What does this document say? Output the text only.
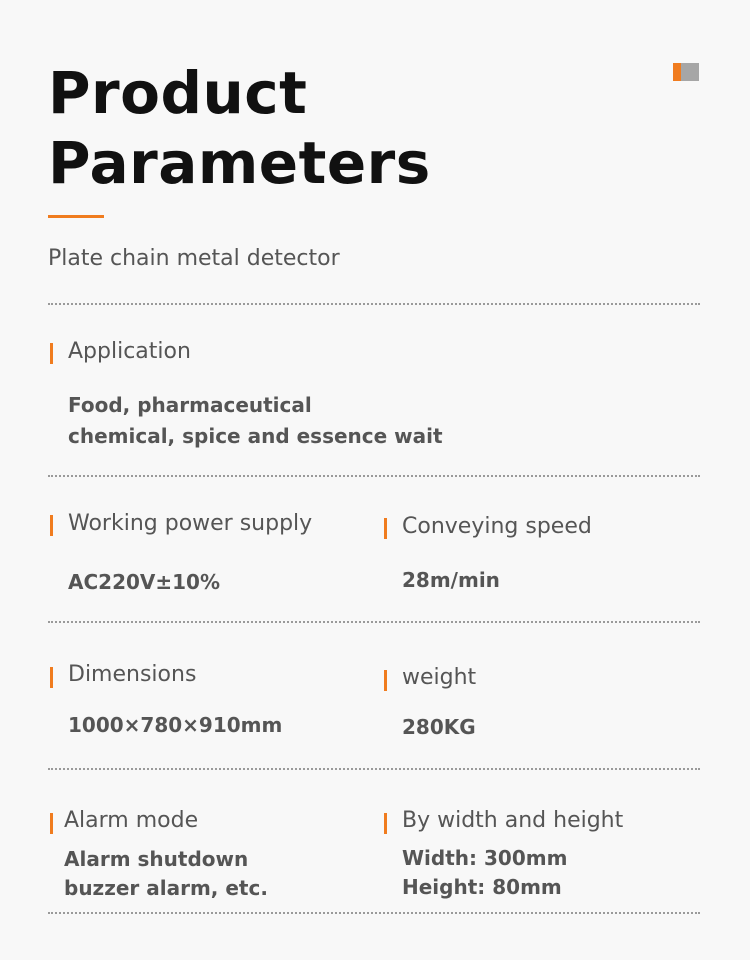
Product
Parameters
Plate chain metal detector
Application
Food, pharmaceutical
chemical, spice and essence wait
Working power supply
AC220V±10%
Conveying speed
28m/min
Dimensions
1000×780×910mm
weight
280KG
Alarm mode
Alarm shutdown
buzzer alarm, etc.
By width and height
Width: 300mm
Height: 80mm
